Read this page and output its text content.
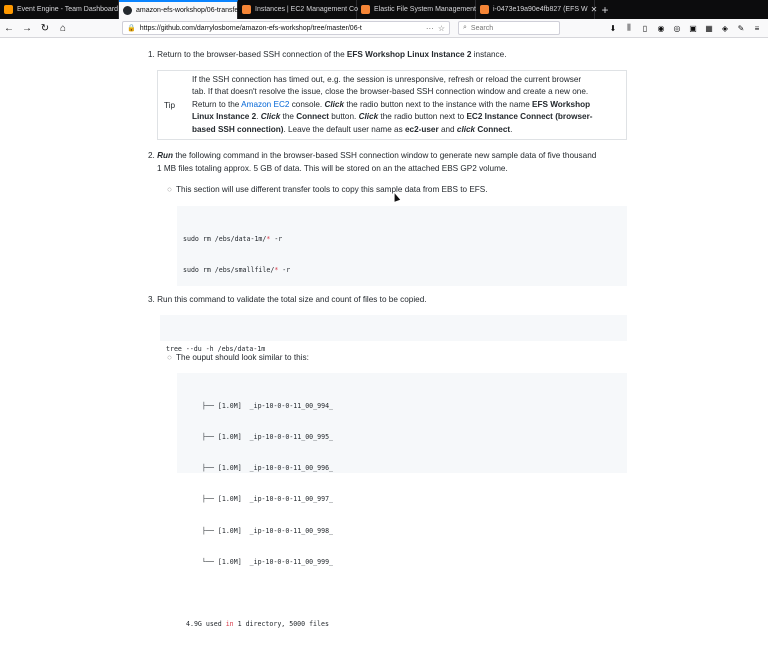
Event Engine - Team Dashboard	amazon-efs-workshop/06-transfer Instances | EC2 Management Co Elastic File System Management i-0473e19a90e4fb827 (EFS W ✕ +
← → ↻	⌂	🔒 https://github.com/darrylosborne/amazon-efs-workshop/tree/master/06-t	··· ☆	⌕ Search	⬇	⫼	▯	◉ ◎ ▣ ▦ ◈ ✎	≡
1. Return to the browser-based SSH connection of the EFS Workshop Linux Instance 2 instance.
Tip
If the SSH connection has timed out, e.g. the session is unresponsive, refresh or reload the current browser
tab. If that doesn't resolve the issue, close the browser-based SSH connection window and create a new one.
Return to the Amazon EC2 console. Click the radio button next to the instance with the name EFS Workshop
Linux Instance 2. Click the Connect button. Click the radio button next to EC2 Instance Connect (browser-
based SSH connection). Leave the default user name as ec2-user and click Connect.
2. Run the following command in the browser-based SSH connection window to generate new sample data of five thousand
1 MB files totaling approx. 5 GB of data. This will be stored on an the attached EBS GP2 volume.
○ This section will use different transfer tools to copy this sample data from EBS to EFS.

sudo rm /ebs/data-1m/* -r

sudo rm /ebs/smallfile/* -r

3. Run this command to validate the total size and count of files to be copied.

tree --du -h /ebs/data-1m

○ The ouput should look similar to this:

├── [1.0M]  _ip-10-0-0-11_00_994_

├── [1.0M]  _ip-10-0-0-11_00_995_

├── [1.0M]  _ip-10-0-0-11_00_996_

├── [1.0M]  _ip-10-0-0-11_00_997_

├── [1.0M]  _ip-10-0-0-11_00_998_

└── [1.0M]  _ip-10-0-0-11_00_999_

4.9G used in 1 directory, 5000 files
